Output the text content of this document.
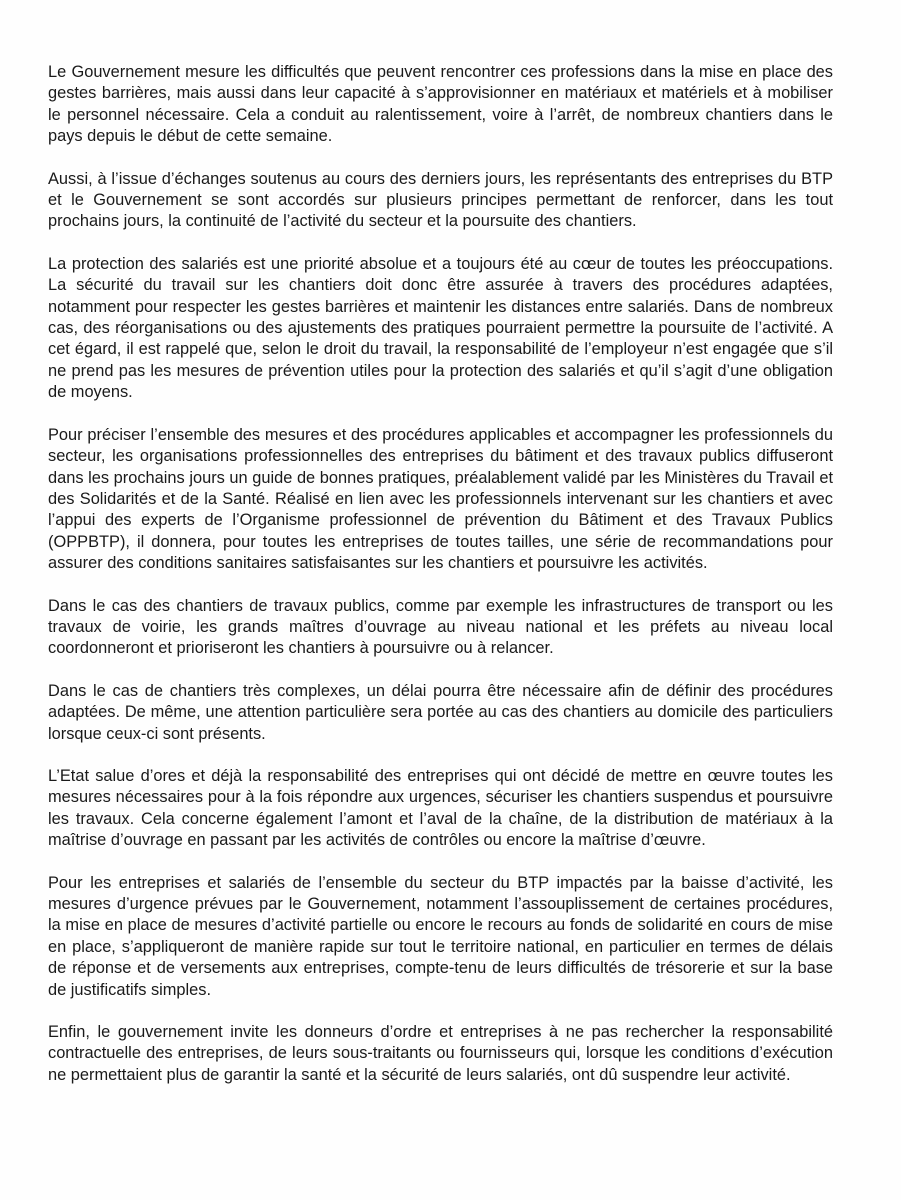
Le Gouvernement mesure les difficultés que peuvent rencontrer ces professions dans la mise en place des gestes barrières, mais aussi dans leur capacité à s’approvisionner en matériaux et matériels et à mobiliser le personnel nécessaire. Cela a conduit au ralentissement, voire à l’arrêt, de nombreux chantiers dans le pays depuis le début de cette semaine.

Aussi, à l’issue d’échanges soutenus au cours des derniers jours, les représentants des entreprises du BTP et le Gouvernement se sont accordés sur plusieurs principes permettant de renforcer, dans les tout prochains jours, la continuité de l’activité du secteur et la poursuite des chantiers.

La protection des salariés est une priorité absolue et a toujours été au cœur de toutes les préoccupations. La sécurité du travail sur les chantiers doit donc être assurée à travers des procédures adaptées, notamment pour respecter les gestes barrières et maintenir les distances entre salariés. Dans de nombreux cas, des réorganisations ou des ajustements des pratiques pourraient permettre la poursuite de l’activité. A cet égard, il est rappelé que, selon le droit du travail, la responsabilité de l’employeur n’est engagée que s’il ne prend pas les mesures de prévention utiles pour la protection des salariés et qu’il s’agit d’une obligation de moyens.

Pour préciser l’ensemble des mesures et des procédures applicables et accompagner les professionnels du secteur, les organisations professionnelles des entreprises du bâtiment et des travaux publics diffuseront dans les prochains jours un guide de bonnes pratiques, préalablement validé par les Ministères du Travail et des Solidarités et de la Santé. Réalisé en lien avec les professionnels intervenant sur les chantiers et avec l’appui des experts de l’Organisme professionnel de prévention du Bâtiment et des Travaux Publics (OPPBTP), il donnera, pour toutes les entreprises de toutes tailles, une série de recommandations pour assurer des conditions sanitaires satisfaisantes sur les chantiers et poursuivre les activités.

Dans le cas des chantiers de travaux publics, comme par exemple les infrastructures de transport ou les travaux de voirie, les grands maîtres d’ouvrage au niveau national et les préfets au niveau local coordonneront et prioriseront les chantiers à poursuivre ou à relancer.

Dans le cas de chantiers très complexes, un délai pourra être nécessaire afin de définir des procédures adaptées. De même, une attention particulière sera portée au cas des chantiers au domicile des particuliers lorsque ceux-ci sont présents.

L’Etat salue d’ores et déjà la responsabilité des entreprises qui ont décidé de mettre en œuvre toutes les mesures nécessaires pour à la fois répondre aux urgences, sécuriser les chantiers suspendus et poursuivre les travaux. Cela concerne également l’amont et l’aval de la chaîne, de la distribution de matériaux à la maîtrise d’ouvrage en passant par les activités de contrôles ou encore la maîtrise d’œuvre.

Pour les entreprises et salariés de l’ensemble du secteur du BTP impactés par la baisse d’activité, les mesures d’urgence prévues par le Gouvernement, notamment l’assouplissement de certaines procédures, la mise en place de mesures d’activité partielle ou encore le recours au fonds de solidarité en cours de mise en place, s’appliqueront de manière rapide sur tout le territoire national, en particulier en termes de délais de réponse et de versements aux entreprises, compte-tenu de leurs difficultés de trésorerie et sur la base de justificatifs simples.

Enfin, le gouvernement invite les donneurs d’ordre et entreprises à ne pas rechercher la responsabilité contractuelle des entreprises, de leurs sous-traitants ou fournisseurs qui, lorsque les conditions d’exécution ne permettaient plus de garantir la santé et la sécurité de leurs salariés, ont dû suspendre leur activité.
